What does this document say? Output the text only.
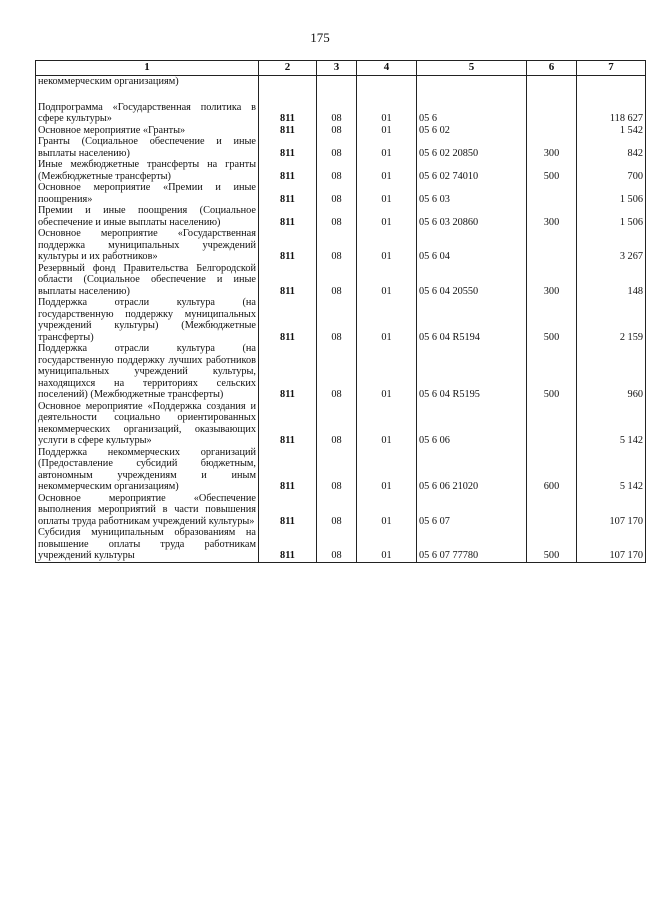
175
1	2	3	4	5	6	7
некоммерческим организациям)						

Подпрограмма «Государственная политика в сфере культуры»	811	08	01	05 6		118 627
Основное мероприятие «Гранты»	811	08	01	05 6 02		1 542
Гранты (Социальное обеспечение и иные выплаты населению)	811	08	01	05 6 02 20850	300	842
Иные межбюджетные трансферты на гранты (Межбюджетные трансферты)	811	08	01	05 6 02 74010	500	700
Основное мероприятие «Премии и иные поощрения»	811	08	01	05 6 03		1 506
Премии и иные поощрения (Социальное обеспечение и иные выплаты населению)	811	08	01	05 6 03 20860	300	1 506
Основное мероприятие «Государственная поддержка муниципальных учреждений культуры и их работников»	811	08	01	05 6 04		3 267
Резервный фонд Правительства Белгородской области (Социальное обеспечение и иные выплаты населению)	811	08	01	05 6 04 20550	300	148
Поддержка отрасли культура (на государственную поддержку муниципальных учреждений культуры) (Межбюджетные трансферты)	811	08	01	05 6 04 R5194	500	2 159
Поддержка отрасли культура (на государственную поддержку лучших работников муниципальных учреждений культуры, находящихся на территориях сельских поселений) (Межбюджетные трансферты)	811	08	01	05 6 04 R5195	500	960
Основное мероприятие «Поддержка создания и деятельности социально ориентированных некоммерческих организаций, оказывающих услуги в сфере культуры»	811	08	01	05 6 06		5 142
Поддержка некоммерческих организаций (Предоставление субсидий бюджетным, автономным учреждениям и иным некоммерческим организациям)	811	08	01	05 6 06 21020	600	5 142
Основное мероприятие «Обеспечение выполнения мероприятий в части повышения оплаты труда работникам учреждений культуры»	811	08	01	05 6 07		107 170
Субсидия муниципальным образованиям на повышение оплаты труда работникам учреждений культуры	811	08	01	05 6 07 77780	500	107 170
